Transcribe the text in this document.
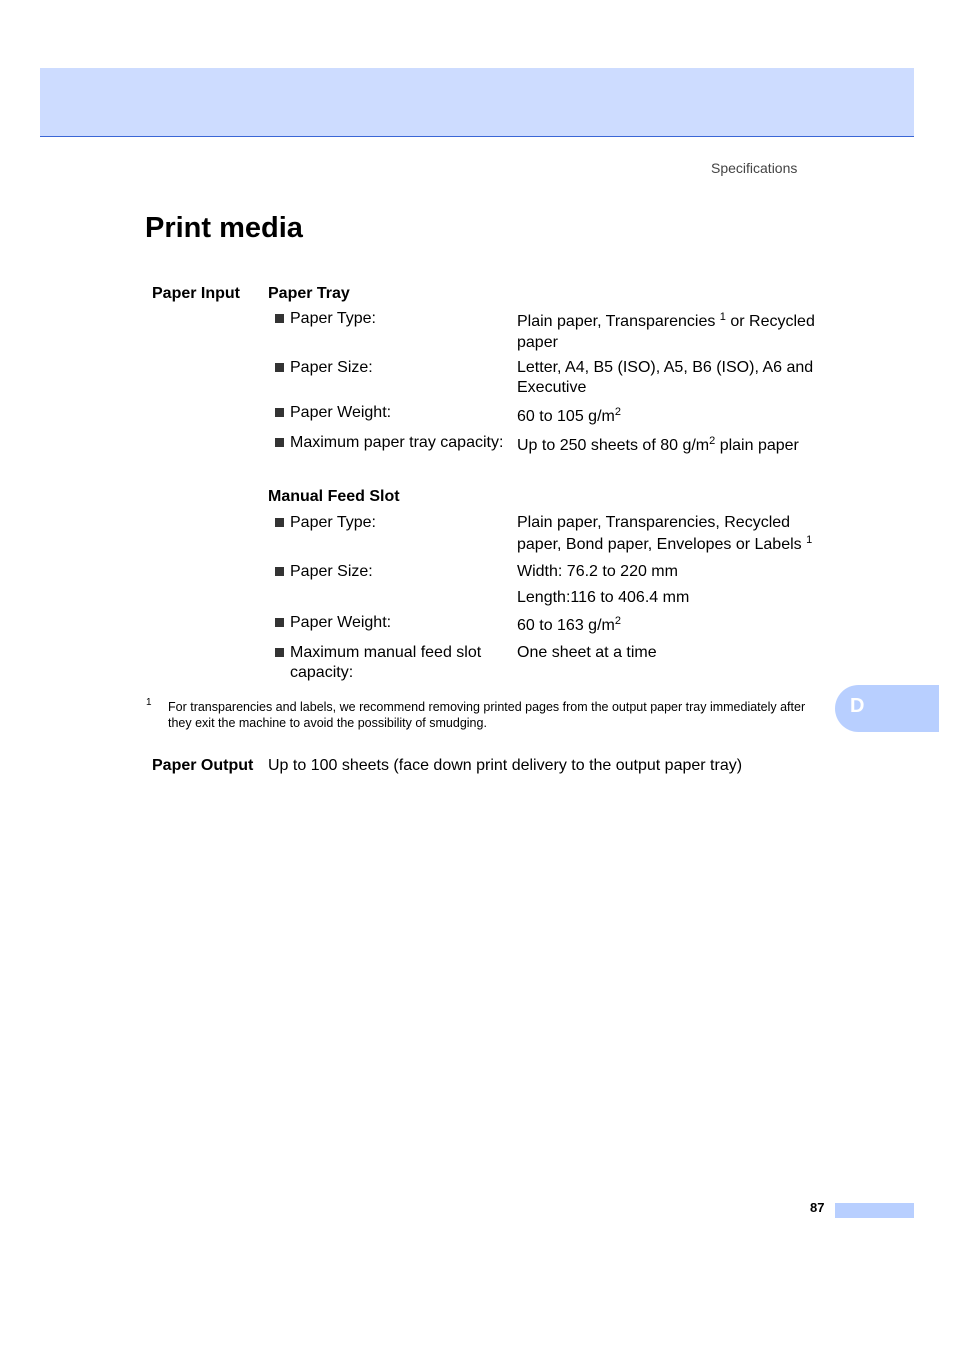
Specifications
Print media
Paper Input Paper Tray
Paper Type:	Plain paper, Transparencies $^1$ or Recycled
paper
Paper Size:	Letter, A4, B5 (ISO), A5, B6 (ISO), A6 and
Executive
Paper Weight:	60 to 105 $g/m^2$
Maximum paper tray capacity: Up to 250 sheets of 80 $g/m^2$ plain paper
Manual Feed Slot
Paper Type:	Plain paper, Transparencies, Recycled
paper, Bond paper, Envelopes or Labels $^1$
Paper Size:	Width: 76.2 to 220 mm
Length:116 to 406.4 mm
Paper Weight:	60 to 163 $g/m^2$
Maximum manual feed slot
capacity:
One sheet at a time
1 For transparencies and labels, we recommend removing printed pages from the output paper tray immediately after
they exit the machine to avoid the possibility of smudging.
D
Paper Output Up to 100 sheets (face down print delivery to the output paper tray)
87
